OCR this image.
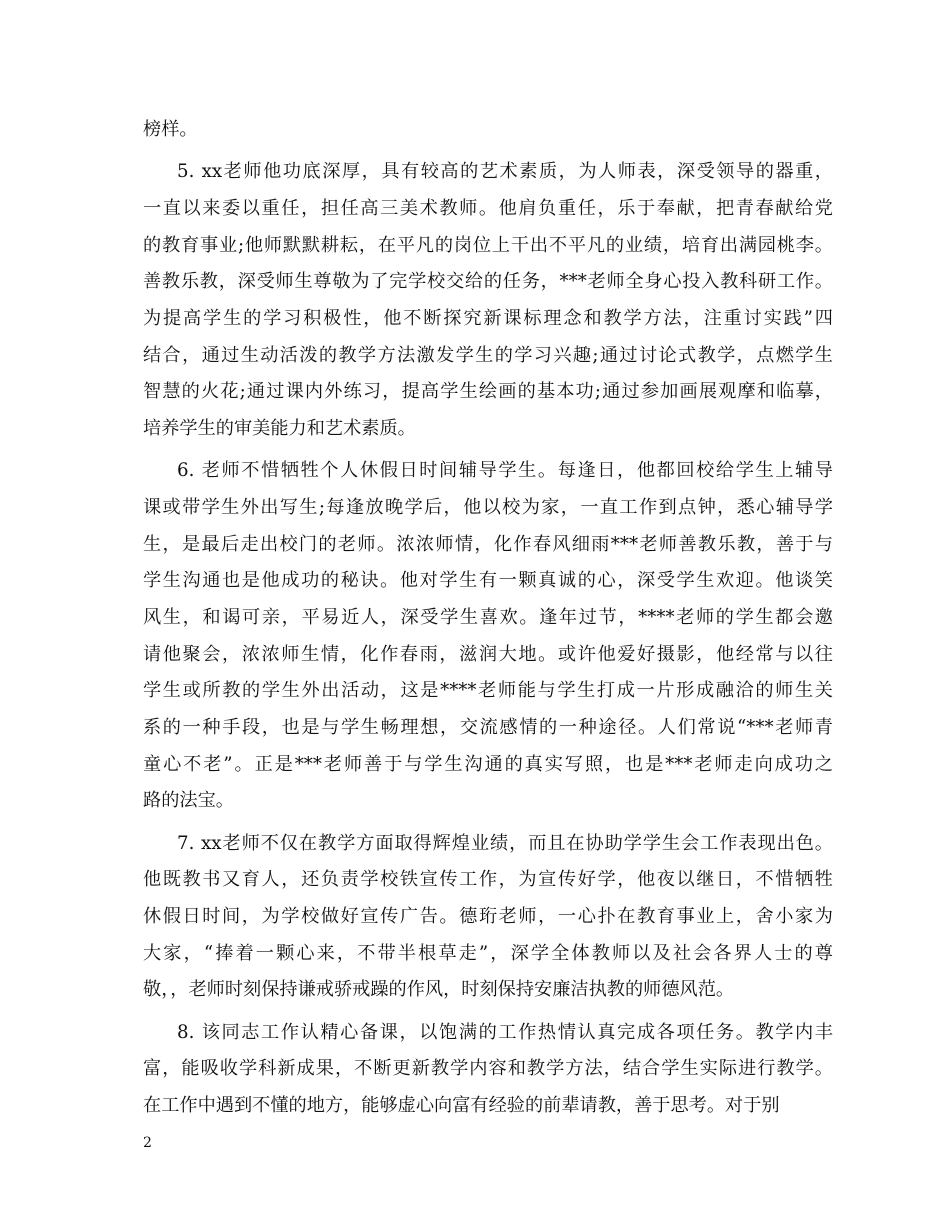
榜样。
5. xx老师他功底深厚，具有较高的艺术素质，为人师表，深受领导的器重，
一直以来委以重任，担任高三美术教师。他肩负重任，乐于奉献，把青春献给党
的教育事业;他师默默耕耘，在平凡的岗位上干出不平凡的业绩，培育出满园桃李。
善教乐教，深受师生尊敬为了完学校交给的任务，***老师全身心投入教科研工作。
为提高学生的学习积极性，他不断探究新课标理念和教学方法，注重讨实践”四
结合，通过生动活泼的教学方法激发学生的学习兴趣;通过讨论式教学，点燃学生
智慧的火花;通过课内外练习，提高学生绘画的基本功;通过参加画展观摩和临摹，
培养学生的审美能力和艺术素质。
6. 老师不惜牺牲个人休假日时间辅导学生。每逢日，他都回校给学生上辅导
课或带学生外出写生;每逢放晚学后，他以校为家，一直工作到点钟，悉心辅导学
生，是最后走出校门的老师。浓浓师情，化作春风细雨***老师善教乐教，善于与
学生沟通也是他成功的秘诀。他对学生有一颗真诚的心，深受学生欢迎。他谈笑
风生，和谒可亲，平易近人，深受学生喜欢。逢年过节，****老师的学生都会邀
请他聚会，浓浓师生情，化作春雨，滋润大地。或许他爱好摄影，他经常与以往
学生或所教的学生外出活动，这是****老师能与学生打成一片形成融洽的师生关
系的一种手段，也是与学生畅理想，交流感情的一种途径。人们常说“***老师青
童心不老”。正是***老师善于与学生沟通的真实写照，也是***老师走向成功之
路的法宝。
7. xx老师不仅在教学方面取得辉煌业绩，而且在协助学学生会工作表现出色。
他既教书又育人，还负责学校铁宣传工作，为宣传好学，他夜以继日，不惜牺牲
休假日时间，为学校做好宣传广告。德珩老师，一心扑在教育事业上，舍小家为
大家，“捧着一颗心来，不带半根草走”，深学全体教师以及社会各界人士的尊
敬，，老师时刻保持谦戒骄戒躁的作风，时刻保持安廉洁执教的师德风范。
8. 该同志工作认精心备课，以饱满的工作热情认真完成各项任务。教学内丰
富，能吸收学科新成果，不断更新教学内容和教学方法，结合学生实际进行教学。
在工作中遇到不懂的地方，能够虚心向富有经验的前辈请教，善于思考。对于别
2
